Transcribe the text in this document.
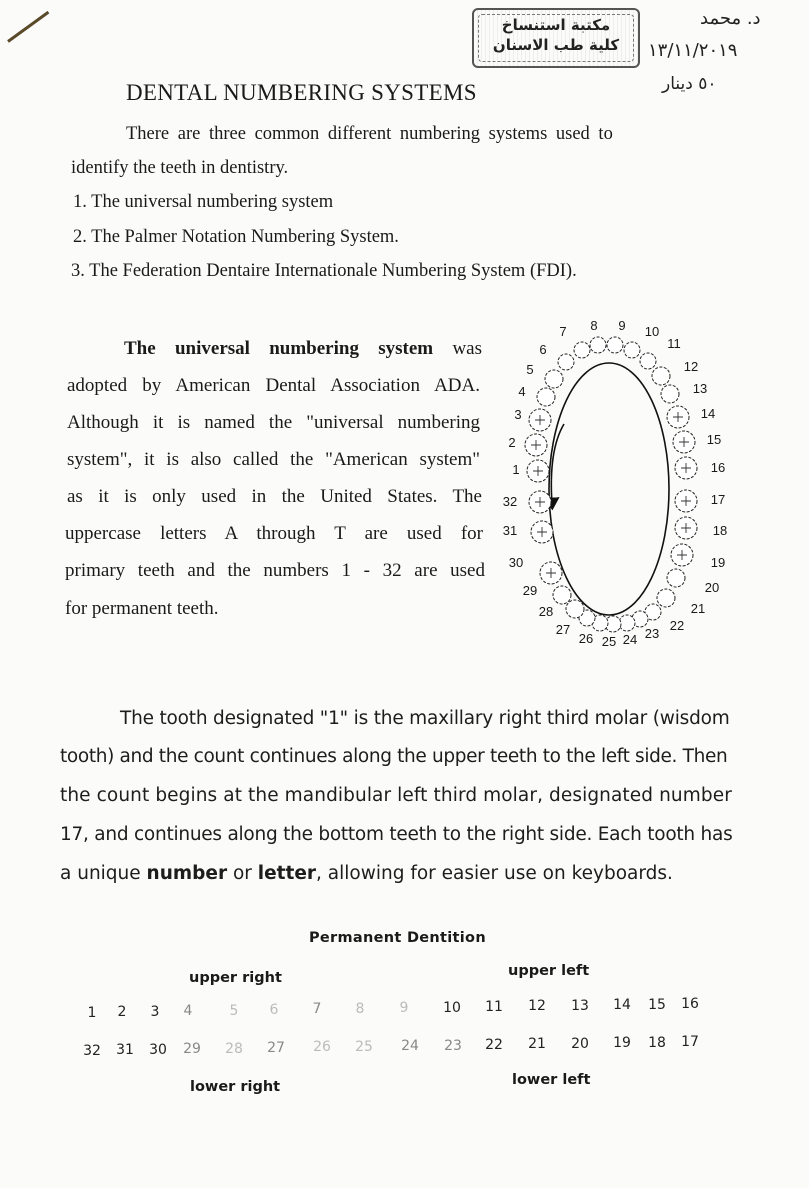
مكتبة استنساخ
كلية طب الاسنان
د. محمد
١٣/١١/٢٠١٩
٥٠ دينار
DENTAL NUMBERING SYSTEMS
There are three common different numbering systems used to
identify the teeth in dentistry.
1. The universal numbering system
2. The Palmer Notation Numbering System.
3. The Federation Dentaire Internationale Numbering System (FDI).
The universal numbering system was
adopted by American Dental Association ADA.
Although it is named the "universal numbering
system", it is also called the "American system"
as it is only used in the United States. The
uppercase letters A through T are used for
primary teeth and the numbers 1 - 32 are used
for permanent teeth.
1
2
3
4
5
6
7 8 9 10
11
12
13
14
15
16
17
18
19
20
21
22
23
24
25
26
27
28
29
30
31
32
The tooth designated "1" is the maxillary right third molar (wisdom
tooth) and the count continues along the upper teeth to the left side. Then
the count begins at the mandibular left third molar, designated number
17, and continues along the bottom teeth to the right side. Each tooth has
a unique number or letter, allowing for easier use on keyboards.
Permanent Dentition
upper right	upper left
lower right	lower left
1	2	3	4	5	6	7	8	9	10 11 12 13 14 15 16
32 31 30 29 28 27 26 25 24 23 22 21 20 19 18 17
